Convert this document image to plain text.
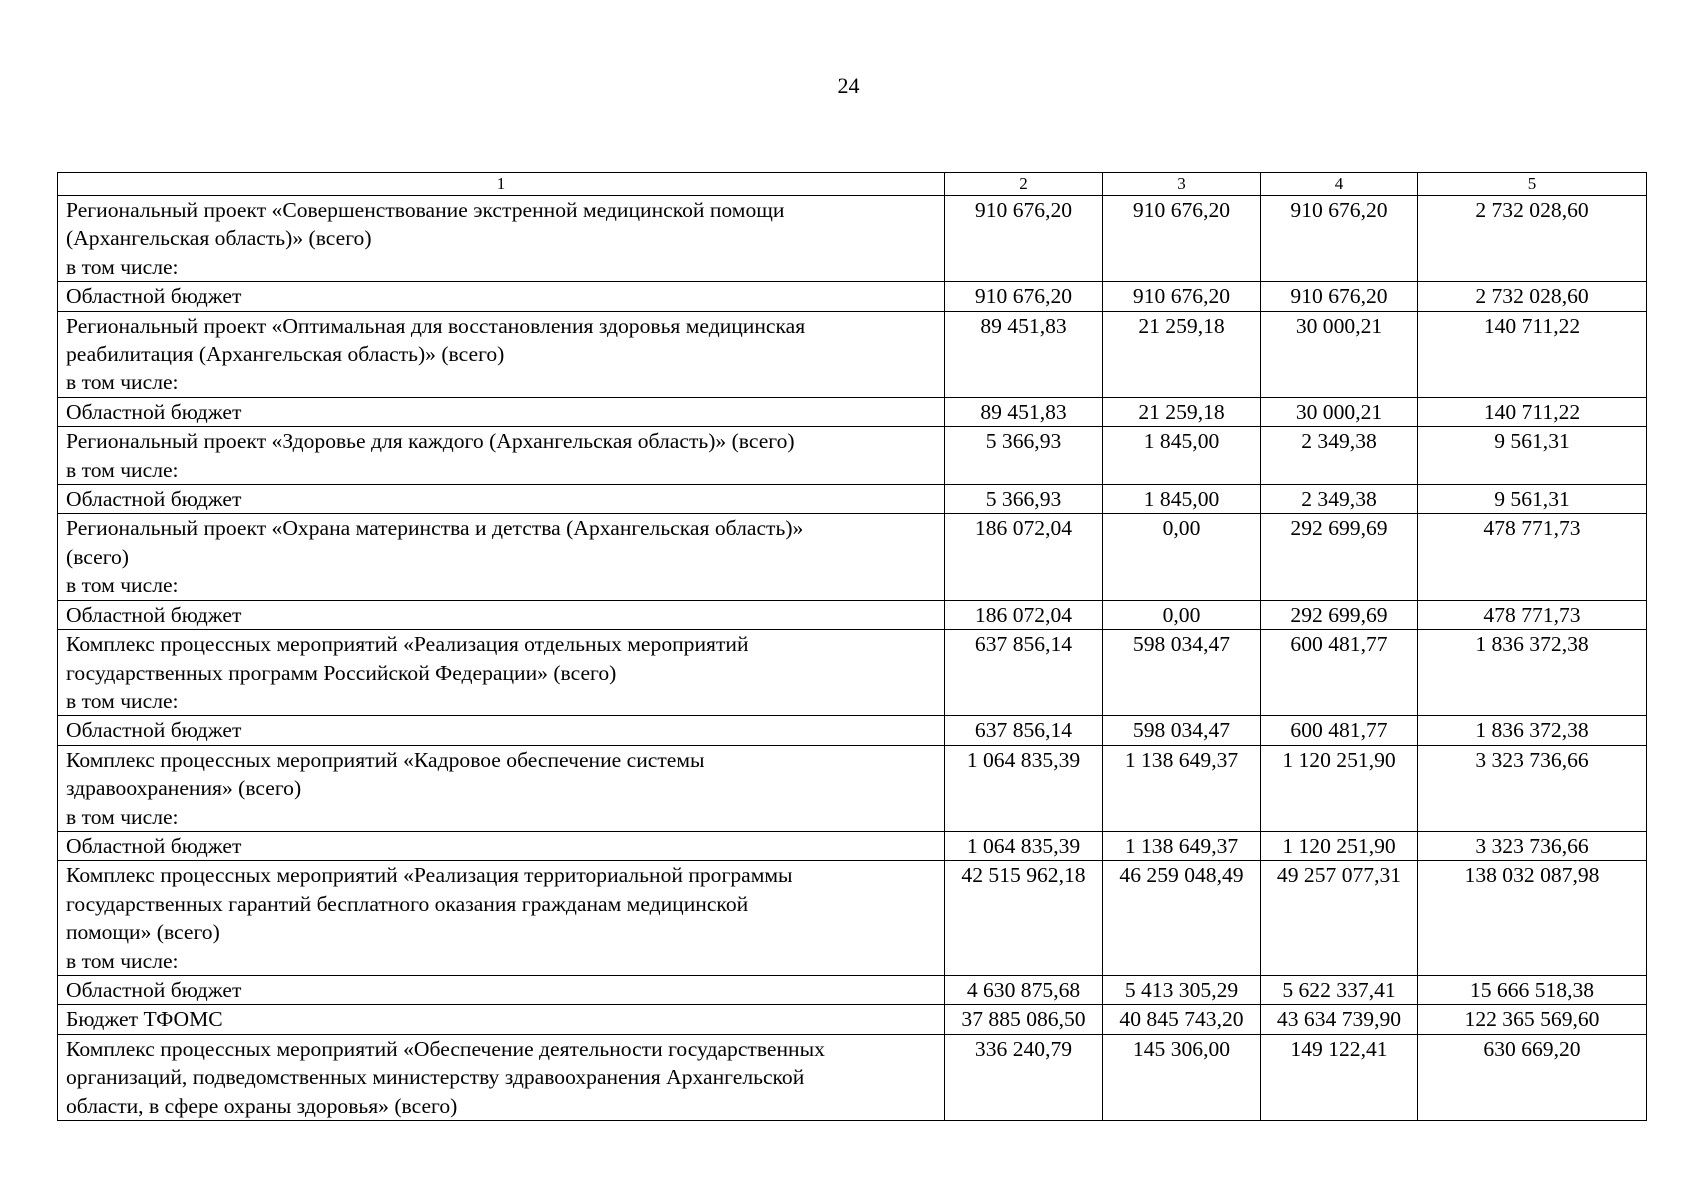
24
1	2	3	4	5

Региональный проект «Совершенствование экстренной медицинской помощи
(Архангельская область)» (всего)
в том числе:	910 676,20	910 676,20	910 676,20	2 732 028,60

Областной бюджет	910 676,20	910 676,20	910 676,20	2 732 028,60

Региональный проект «Оптимальная для восстановления здоровья медицинская
реабилитация (Архангельская область)» (всего)
в том числе:	89 451,83	21 259,18	30 000,21	140 711,22

Областной бюджет	89 451,83	21 259,18	30 000,21	140 711,22

Региональный проект «Здоровье для каждого (Архангельская область)» (всего)
в том числе:	5 366,93	1 845,00	2 349,38	9 561,31

Областной бюджет	5 366,93	1 845,00	2 349,38	9 561,31

Региональный проект «Охрана материнства и детства (Архангельская область)»
(всего)
в том числе:	186 072,04	0,00	292 699,69	478 771,73

Областной бюджет	186 072,04	0,00	292 699,69	478 771,73

Комплекс процессных мероприятий «Реализация отдельных мероприятий
государственных программ Российской Федерации» (всего)
в том числе:	637 856,14	598 034,47	600 481,77	1 836 372,38

Областной бюджет	637 856,14	598 034,47	600 481,77	1 836 372,38

Комплекс процессных мероприятий «Кадровое обеспечение системы
здравоохранения» (всего)
в том числе:	1 064 835,39	1 138 649,37	1 120 251,90	3 323 736,66

Областной бюджет	1 064 835,39	1 138 649,37	1 120 251,90	3 323 736,66

Комплекс процессных мероприятий «Реализация территориальной программы
государственных гарантий бесплатного оказания гражданам медицинской
помощи» (всего)
в том числе:	42 515 962,18	46 259 048,49	49 257 077,31	138 032 087,98

Областной бюджет	4 630 875,68	5 413 305,29	5 622 337,41	15 666 518,38

Бюджет ТФОМС	37 885 086,50	40 845 743,20	43 634 739,90	122 365 569,60

Комплекс процессных мероприятий «Обеспечение деятельности государственных
организаций, подведомственных министерству здравоохранения Архангельской
области, в сфере охраны здоровья» (всего)	336 240,79	145 306,00	149 122,41	630 669,20
